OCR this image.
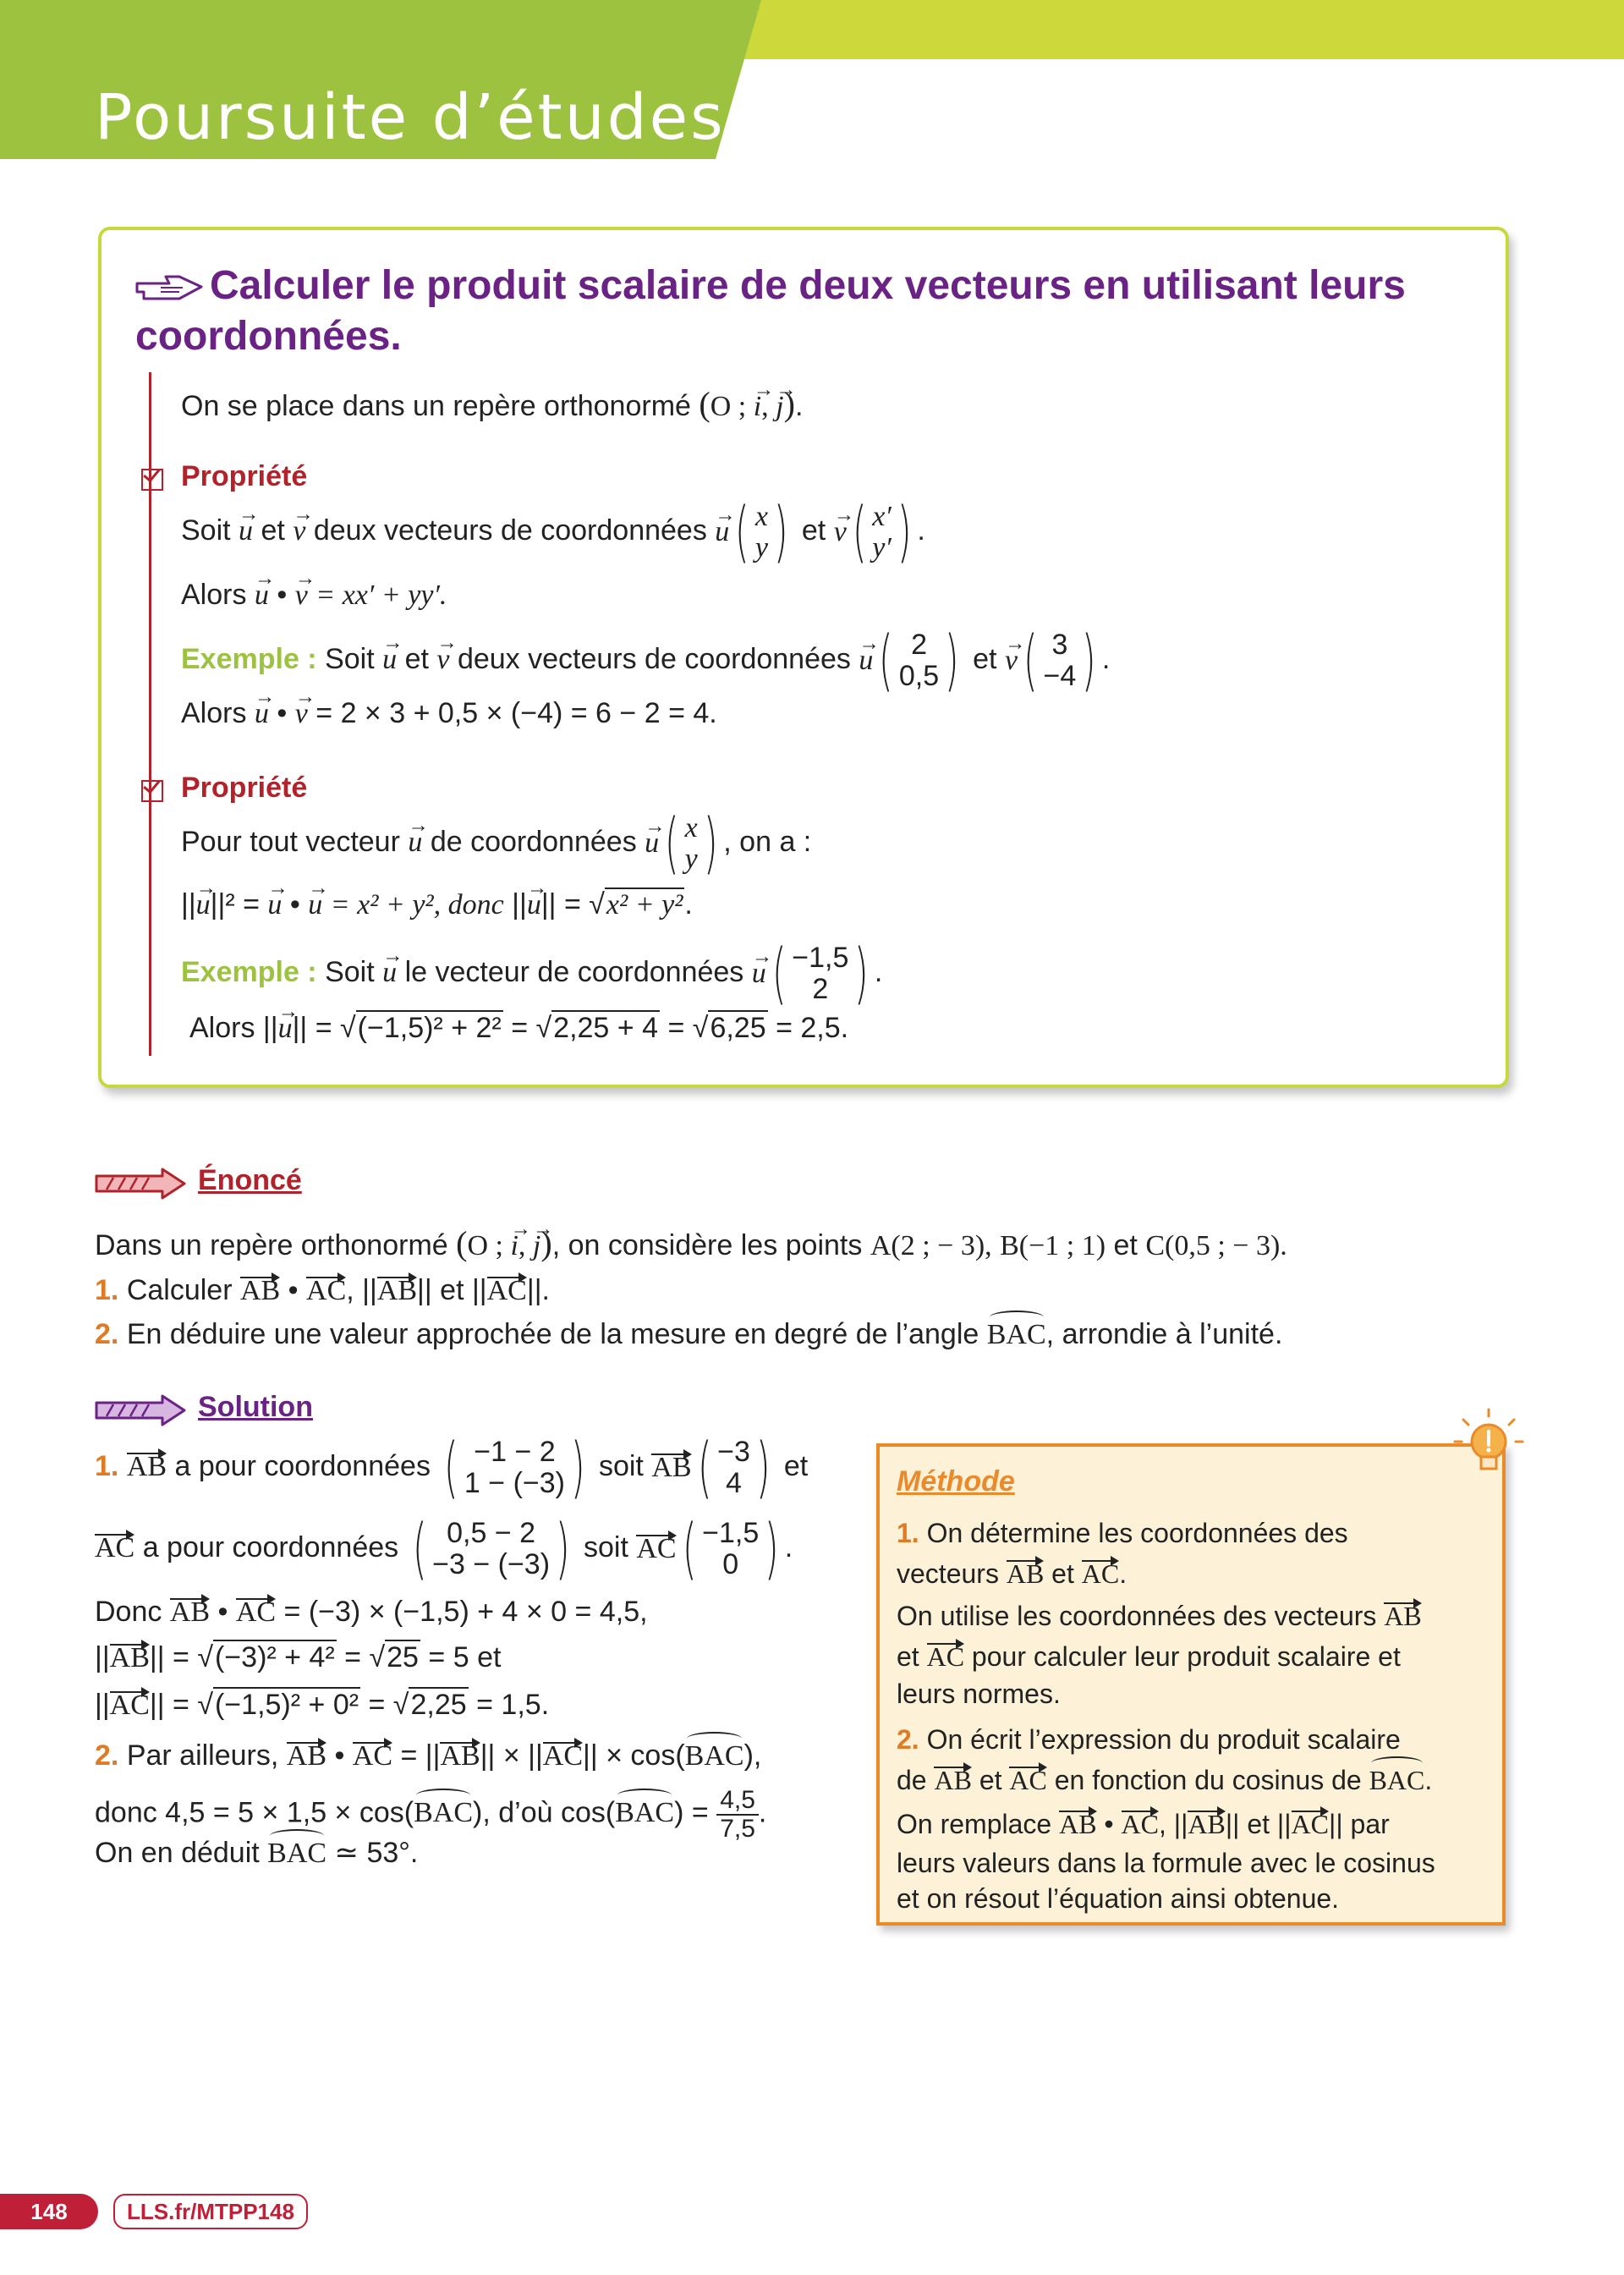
Poursuite d’études
Calculer le produit scalaire de deux vecteurs en utilisant leurs coordonnées.
On se place dans un repère orthonormé (O ; → i, → j).
Propriété
Soit → u et → v deux vecteurs de coordonnées → u ( x
y ) et → v ( x′
y′ ) .
Alors → u • → v = xx′ + yy′.
Exemple : Soit → u et → v deux vecteurs de coordonnées → u ( 2
0,5 ) et → v ( 3
−4 ) .
Alors → u • → v = 2 × 3 + 0,5 × (−4) = 6 − 2 = 4.
Propriété
Pour tout vecteur → u de coordonnées → u ( x
y ) , on a :
||→ u||² = → u • → u = x² + y², donc ||→ u|| = √x² + y².
Exemple : Soit → u le vecteur de coordonnées → u ( −1,5
2 ) .
Alors ||→ u|| = √(−1,5)² + 2² = √2,25 + 4 = √6,25 = 2,5.
Énoncé
Dans un repère orthonormé (O ; → i, → j), on considère les points A(2 ; − 3), B(−1 ; 1) et C(0,5 ; − 3).
1. Calculer AB • AC, ||AB|| et ||AC||.
2. En déduire une valeur approchée de la mesure en degré de l’angle BAC, arrondie à l’unité.
Solution
1. AB a pour coordonnées ( −1 − 2
1 − (−3) ) soit AB ( −3
4 ) et
AC a pour coordonnées ( 0,5 − 2
−3 − (−3) ) soit AC ( −1,5
0 ) .
Donc AB • AC = (−3) × (−1,5) + 4 × 0 = 4,5,
||AB|| = √(−3)² + 4² = √25 = 5 et
||AC|| = √(−1,5)² + 0² = √2,25 = 1,5.
2. Par ailleurs, AB • AC = ||AB|| × ||AC|| × cos(BAC),
donc 4,5 = 5 × 1,5 × cos(BAC), d’où $\cos(BAC) = \frac{4,5}{7,5}$ .
On en déduit BAC ≃ 53°.
Méthode
1. On détermine les coordonnées des
vecteurs AB et AC.
On utilise les coordonnées des vecteurs AB
et AC pour calculer leur produit scalaire et
leurs normes.
2. On écrit l’expression du produit scalaire
de AB et AC en fonction du cosinus de BAC.
On remplace AB • AC, ||AB|| et ||AC|| par
leurs valeurs dans la formule avec le cosinus
et on résout l’équation ainsi obtenue.
148	LLS.fr/MTPP148
